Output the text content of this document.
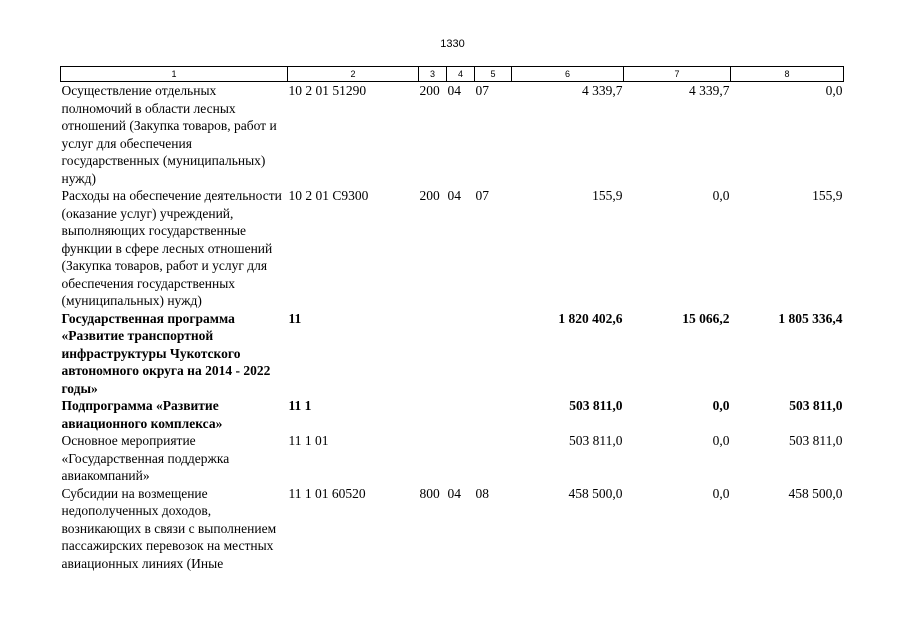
1330
1	2	3	4	5	6	7	8
Осуществление отдельных полномочий в области лесных отношений (Закупка товаров, работ и услуг для обеспечения государственных (муниципальных) нужд)	10 2 01 51290	200	04	07	4 339,7	4 339,7	0,0
Расходы на обеспечение деятельности (оказание услуг) учреждений, выполняющих государственные функции в сфере лесных отношений (Закупка товаров, работ и услуг для обеспечения государственных (муниципальных) нужд)	10 2 01 С9300	200	04	07	155,9	0,0	155,9
Государственная программа «Развитие транспортной инфраструктуры Чукотского автономного округа на 2014 - 2022 годы»	11				1 820 402,6	15 066,2	1 805 336,4
Подпрограмма «Развитие авиационного комплекса»	11 1				503 811,0	0,0	503 811,0
Основное мероприятие «Государственная поддержка авиакомпаний»	11 1 01				503 811,0	0,0	503 811,0
Субсидии на возмещение недополученных доходов, возникающих в связи с выполнением пассажирских перевозок на местных авиационных линиях (Иные	11 1 01 60520	800	04	08	458 500,0	0,0	458 500,0
